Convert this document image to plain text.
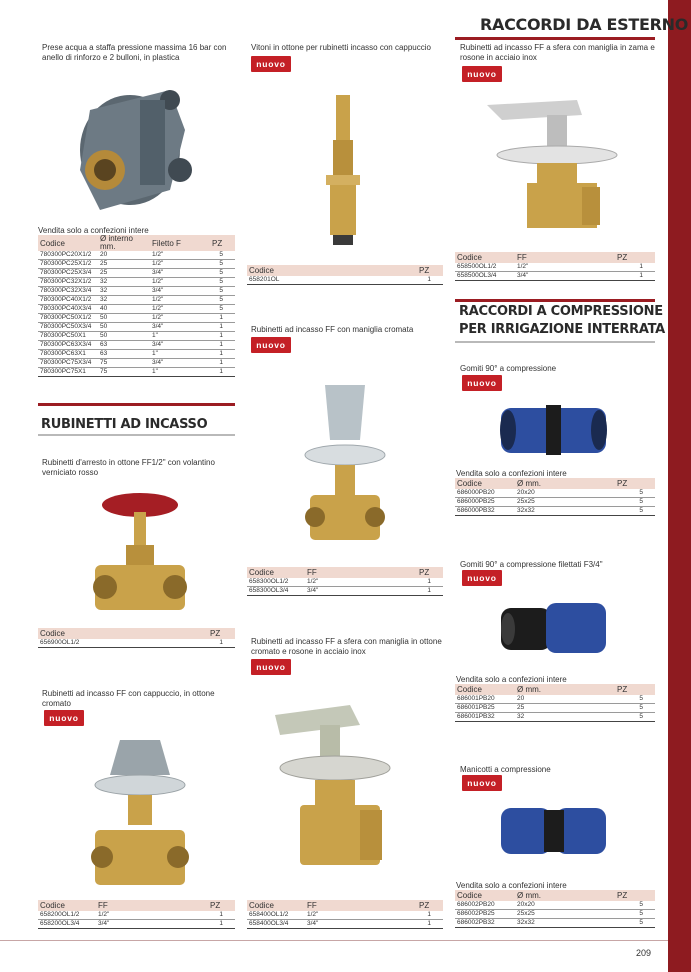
209
RACCORDI DA ESTERNO
RUBINETTI AD INCASSO
RACCORDI A COMPRESSIONE
PER IRRIGAZIONE INTERRATA
Prese acqua a staffa pressione massima 16 bar con
anello di rinforzo e 2 bulloni, in plastica
Vendita solo a confezioni intere
Codice	Ø interno mm.	Filetto F	PZ
780300PC20X1/2	20	1/2"	5
780300PC25X1/2	25	1/2"	5
780300PC25X3/4	25	3/4"	5
780300PC32X1/2	32	1/2"	5
780300PC32X3/4	32	3/4"	5
780300PC40X1/2	32	1/2"	5
780300PC40X3/4	40	1/2"	5
780300PC50X1/2	50	1/2"	1
780300PC50X3/4	50	3/4"	1
780300PC50X1	50	1"	1
780300PC63X3/4	63	3/4"	1
780300PC63X1	63	1"	1
780300PC75X3/4	75	3/4"	1
780300PC75X1	75	1"	1
Vitoni in ottone per rubinetti incasso con cappuccio
nuovo
Codice	PZ
658201OL	1
Rubinetti ad incasso FF a sfera con maniglia in zama e
rosone in acciaio inox
nuovo
Codice	FF	PZ
658500OL1/2	1/2"	1
658500OL3/4	3/4"	1
Rubinetti d'arresto in ottone FF1/2" con volantino
verniciato rosso
Codice	PZ
656900OL1/2	1
Rubinetti ad incasso FF con maniglia cromata
nuovo
Codice	FF	PZ
658300OL1/2	1/2"	1
658300OL3/4	3/4"	1
Rubinetti ad incasso FF con cappuccio, in ottone
cromato
nuovo
Codice	FF	PZ
658200OL1/2	1/2"	1
658200OL3/4	3/4"	1
Rubinetti ad incasso FF a sfera con maniglia in ottone
cromato e rosone in acciaio inox
nuovo
Codice	FF	PZ
658400OL1/2	1/2"	1
658400OL3/4	3/4"	1
Gomiti 90° a compressione
nuovo
Vendita solo a confezioni intere
Codice	Ø mm.	PZ
686000PB20	20x20	5
686000PB25	25x25	5
686000PB32	32x32	5
Gomiti 90° a compressione filettati F3/4"
nuovo
Vendita solo a confezioni intere
Codice	Ø mm.	PZ
686001PB20	20	5
686001PB25	25	5
686001PB32	32	5
Manicotti a compressione
nuovo
Vendita solo a confezioni intere
Codice	Ø mm.	PZ
686002PB20	20x20	5
686002PB25	25x25	5
686002PB32	32x32	5
